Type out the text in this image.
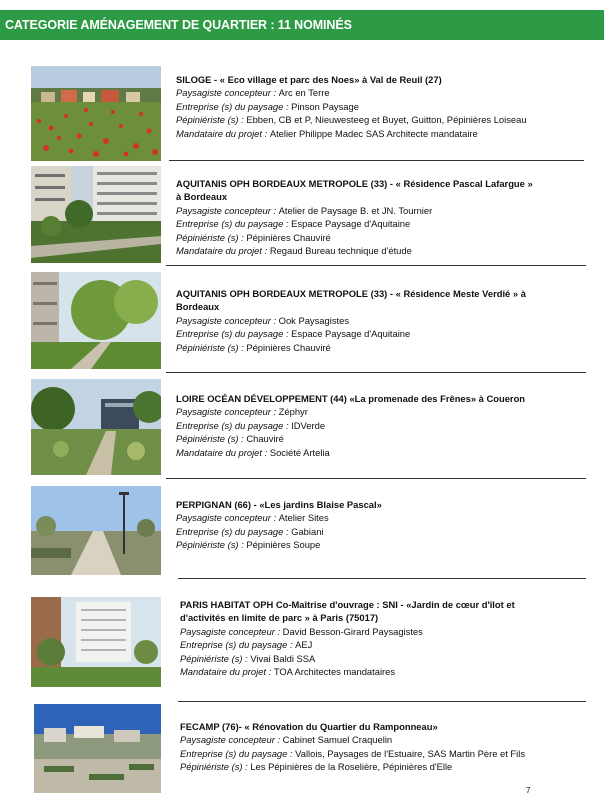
CATEGORIE AMÉNAGEMENT DE QUARTIER : 11 NOMINÉS
SILOGE - « Eco village et parc des Noes» à Val de Reuil (27)
Paysagiste concepteur : Arc en Terre
Entreprise (s) du paysage : Pinson Paysage
Pépiniériste (s) : Ebben, CB et P, Nieuwesteeg et Buyet, Guitton, Pépinières Loiseau
Mandataire du projet : Atelier Philippe Madec SAS Architecte mandataire
AQUITANIS OPH BORDEAUX METROPOLE (33) - « Résidence Pascal Lafargue » à Bordeaux
Paysagiste concepteur : Atelier de Paysage B. et JN. Tournier
Entreprise (s) du paysage : Espace Paysage d'Aquitaine
Pépiniériste (s) : Pépinières Chauviré
Mandataire du projet : Regaud Bureau technique d'étude
AQUITANIS OPH BORDEAUX METROPOLE (33) - « Résidence Meste Verdié » à Bordeaux
Paysagiste concepteur : Ook Paysagistes
Entreprise (s) du paysage : Espace Paysage d'Aquitaine
Pépiniériste (s) : Pépinières Chauviré
LOIRE OCÉAN DÉVELOPPEMENT (44) «La promenade des Frênes» à Coueron
Paysagiste concepteur : Zéphyr
Entreprise (s) du paysage : IDVerde
Pépiniériste (s) : Chauviré
Mandataire du projet : Société Artelia
PERPIGNAN (66) - «Les jardins Blaise Pascal»
Paysagiste concepteur : Atelier Sites
Entreprise (s) du paysage : Gabiani
Pépiniériste (s) : Pépinières Soupe
PARIS HABITAT OPH Co-Maîtrise d'ouvrage : SNI - «Jardin de cœur d'îlot et d'activités en limite de parc » à Paris (75017)
Paysagiste concepteur : David Besson-Girard Paysagistes
Entreprise (s) du paysage : AEJ
Pépiniériste (s) : Vivai Baldi SSA
Mandataire du projet : TOA Architectes mandataires
FECAMP (76)- « Rénovation du Quartier du Ramponneau»
Paysagiste concepteur : Cabinet Samuel Craquelin
Entreprise (s) du paysage : Vallois, Paysages de l'Estuaire, SAS Martin Père et Fils
Pépiniériste (s) : Les Pépinières de la Roselière, Pépinières d'Elle
7
